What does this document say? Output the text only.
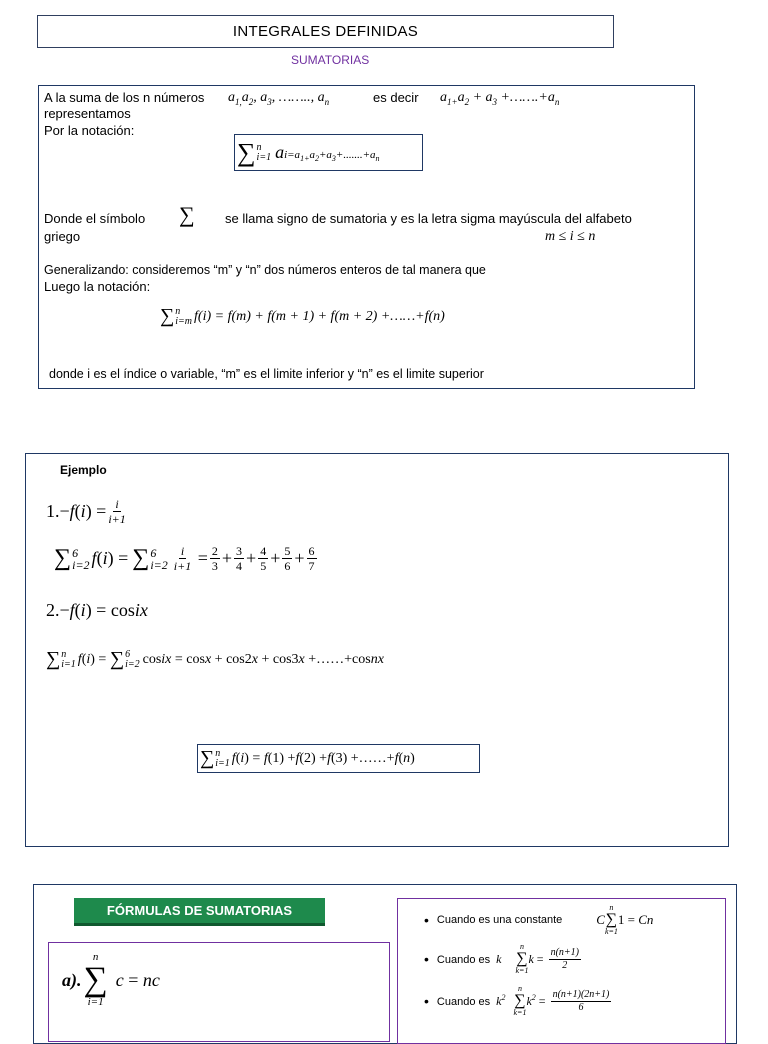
INTEGRALES DEFINIDAS
SUMATORIAS
A la suma de los n números $a_{1,}a_2$, $a_3$, …….., $a_n$	es decir $a_{1+}a_2 + a_3$ $+\dots\dots.+a_n$
representamos
Por la notación:
∑ n
i=1 a $i=a_{1+}a_2+a_3+.......+a_n$
Donde el símbolo ∑ se llama signo de sumatoria y es la letra sigma mayúscula del alfabeto
griego	m ≤ i ≤ n
Generalizando: consideremos “m” y “n” dos números enteros de tal manera que
Luego la notación:
∑ n
i=m f(i) = f(m) + f(m + 1) + f(m + 2) +……+f(n)
donde i es el índice o variable, “m” es el limite inferior y “n” es el limite superior
Ejemplo
1.− f ( i ) = $\frac{i}{i+1}$
∑ 6
i=2 f ( i ) = ∑ 6
$i=2 \frac{i}{i+1} = \frac{2}{3} + \frac{3}{4} + \frac{4}{5} + \frac{5}{6} + \frac{6}{7}$
2.−f(i) = cosix
∑ n
i=1 f ( i ) = ∑ 6
i=2 cosix = cosx + cos2x + cos3x +……+cosnx
∑ n
i=1 f ( i ) = f (1) + f (2) + f (3) +……+ f ( n )
FÓRMULAS DE SUMATORIAS
a).
n
∑
i=1
c = nc
• Cuando es una constante	C
n
∑
k=1
1 = Cn
• Cuando es  k
n
∑
k=1
$k = \frac{n(n+1)}{2}$
• Cuando es  $k^2$
n
∑
k=1
$k^2 = \frac{n(n+1)(2n+1)}{6}$
